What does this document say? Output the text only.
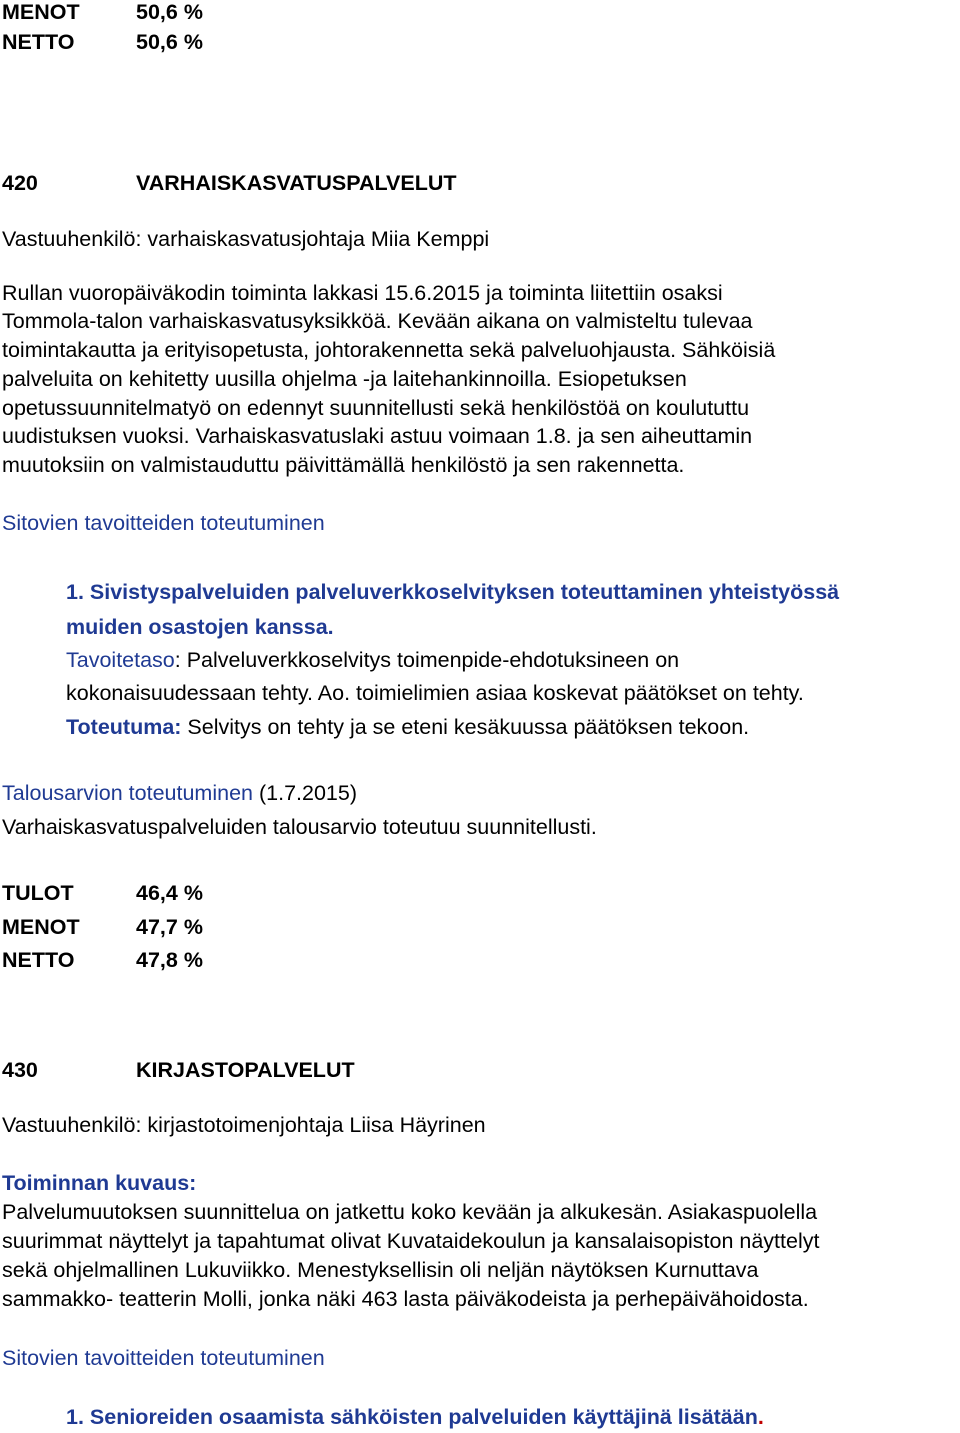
MENOT	50,6 %
NETTO	50,6 %
420	VARHAISKASVATUSPALVELUT
Vastuuhenkilö: varhaiskasvatusjohtaja Miia Kemppi
Rullan vuoropäiväkodin toiminta lakkasi 15.6.2015 ja toiminta liitettiin osaksi
Tommola-talon varhaiskasvatusyksikköä. Kevään aikana on valmisteltu tulevaa
toimintakautta ja erityisopetusta, johtorakennetta sekä palveluohjausta. Sähköisiä
palveluita on kehitetty uusilla ohjelma -ja laitehankinnoilla. Esiopetuksen
opetussuunnitelmatyö on edennyt suunnitellusti sekä henkilöstöä on koulututtu
uudistuksen vuoksi. Varhaiskasvatuslaki astuu voimaan 1.8. ja sen aiheuttamin
muutoksiin on valmistauduttu päivittämällä henkilöstö ja sen rakennetta.
Sitovien tavoitteiden toteutuminen
1. Sivistyspalveluiden palveluverkkoselvityksen toteuttaminen yhteistyössä
muiden osastojen kanssa.
Tavoitetaso: Palveluverkkoselvitys toimenpide-ehdotuksineen on
kokonaisuudessaan tehty. Ao. toimielimien asiaa koskevat päätökset on tehty.
Toteutuma: Selvitys on tehty ja se eteni kesäkuussa päätöksen tekoon.
Talousarvion toteutuminen (1.7.2015)
Varhaiskasvatuspalveluiden talousarvio toteutuu suunnitellusti.
TULOT	46,4 %
MENOT	47,7 %
NETTO	47,8 %
430	KIRJASTOPALVELUT
Vastuuhenkilö: kirjastotoimenjohtaja Liisa Häyrinen
Toiminnan kuvaus:
Palvelumuutoksen suunnittelua on jatkettu koko kevään ja alkukesän. Asiakaspuolella
suurimmat näyttelyt ja tapahtumat olivat Kuvataidekoulun ja kansalaisopiston näyttelyt
sekä ohjelmallinen Lukuviikko. Menestyksellisin oli neljän näytöksen Kurnuttava
sammakko- teatterin Molli, jonka näki 463 lasta päiväkodeista ja perhepäivähoidosta.
Sitovien tavoitteiden toteutuminen
1. Senioreiden osaamista sähköisten palveluiden käyttäjinä lisätään.
